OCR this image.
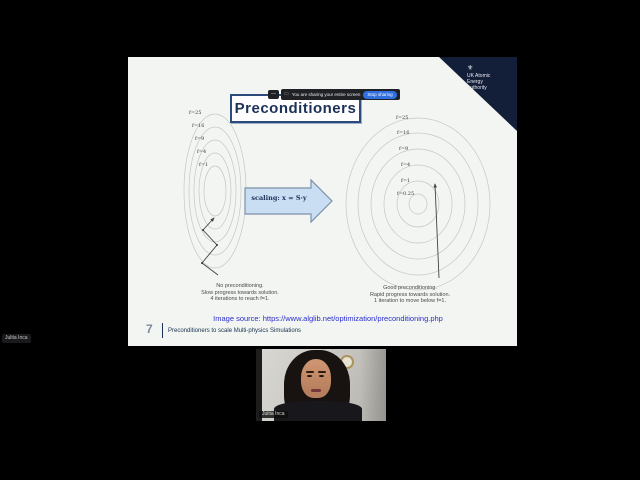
Julita Inca
⚜
UK Atomic
Energy
Authority
—	▭ You are sharing your entire screen	Stop sharing
Preconditioners
scaling: x = S·y
f=25
f=16
f=9
f=4
f=1
f=25
f=16
f=9
f=4
f=1
f=0.25
No preconditioning.
Slow progress towards solution.
4 iterations to reach f=1.
Good preconditioning.
Rapid progress towards solution.
1 iteration to move below f=1.
Image source: https://www.alglib.net/optimization/preconditioning.php
7	Preconditioners to scale Multi-physics Simulations
Julita Inca
